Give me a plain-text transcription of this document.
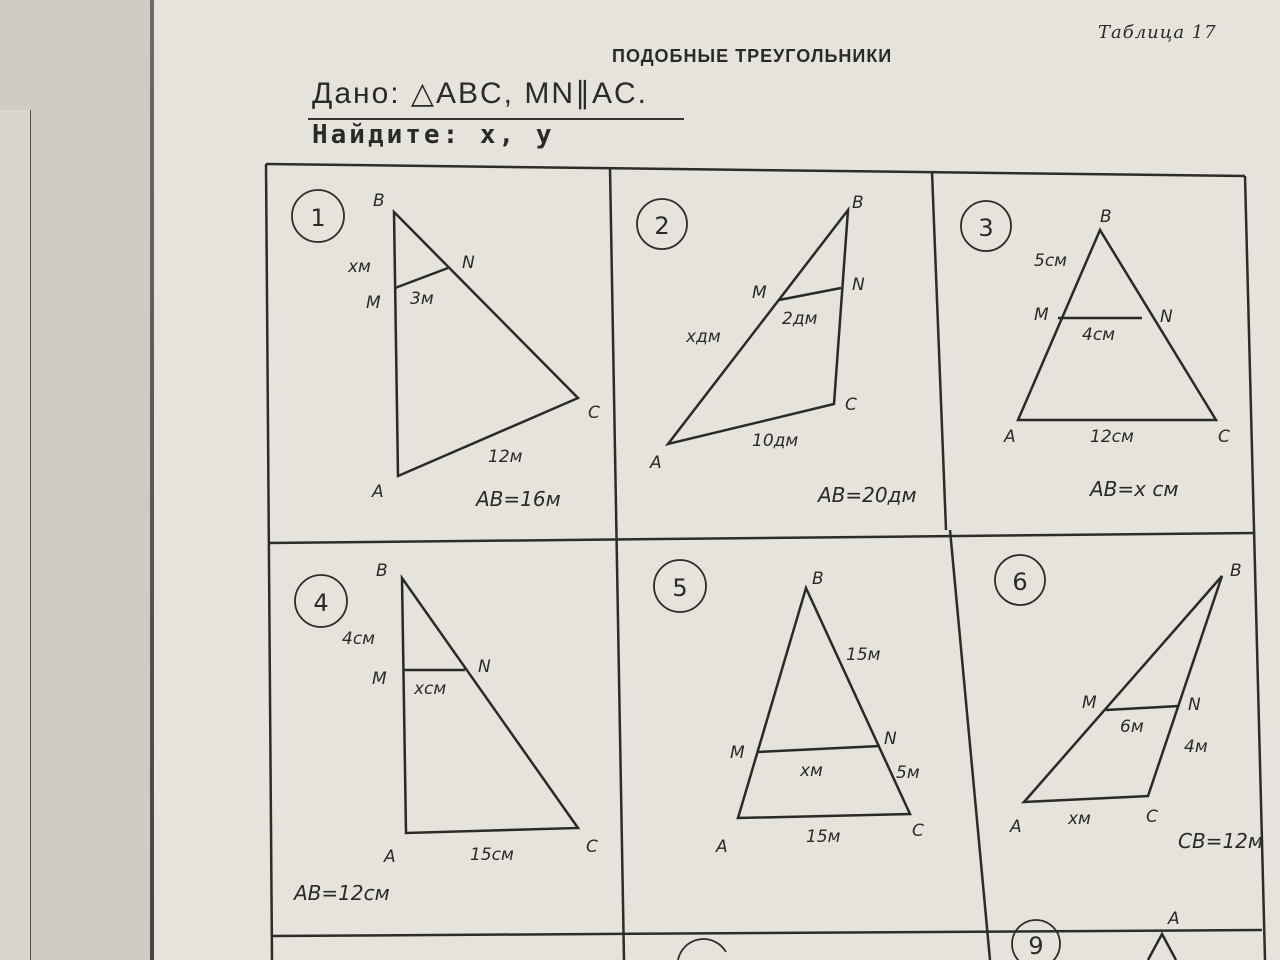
Таблица 17
ПОДОБНЫЕ ТРЕУГОЛЬНИКИ
Дано: △ABC, MN∥AC.
Найдите: x, y
1
B
N
M
C
A
xм
3м
12м
AB=16м
2
B
M	N
C
A
xдм
2дм
10дм
AB=20дм
3	B
5см
M	N
4см
A	12см	C
AB=x см
4
B
4см
M
N
xсм
A	15см	C
AB=12см
5	B
15м
M
N
xм	5м
A	15м	C
6	B
M	N
6м
4м
A	xм	C
CB=12м
9
A
